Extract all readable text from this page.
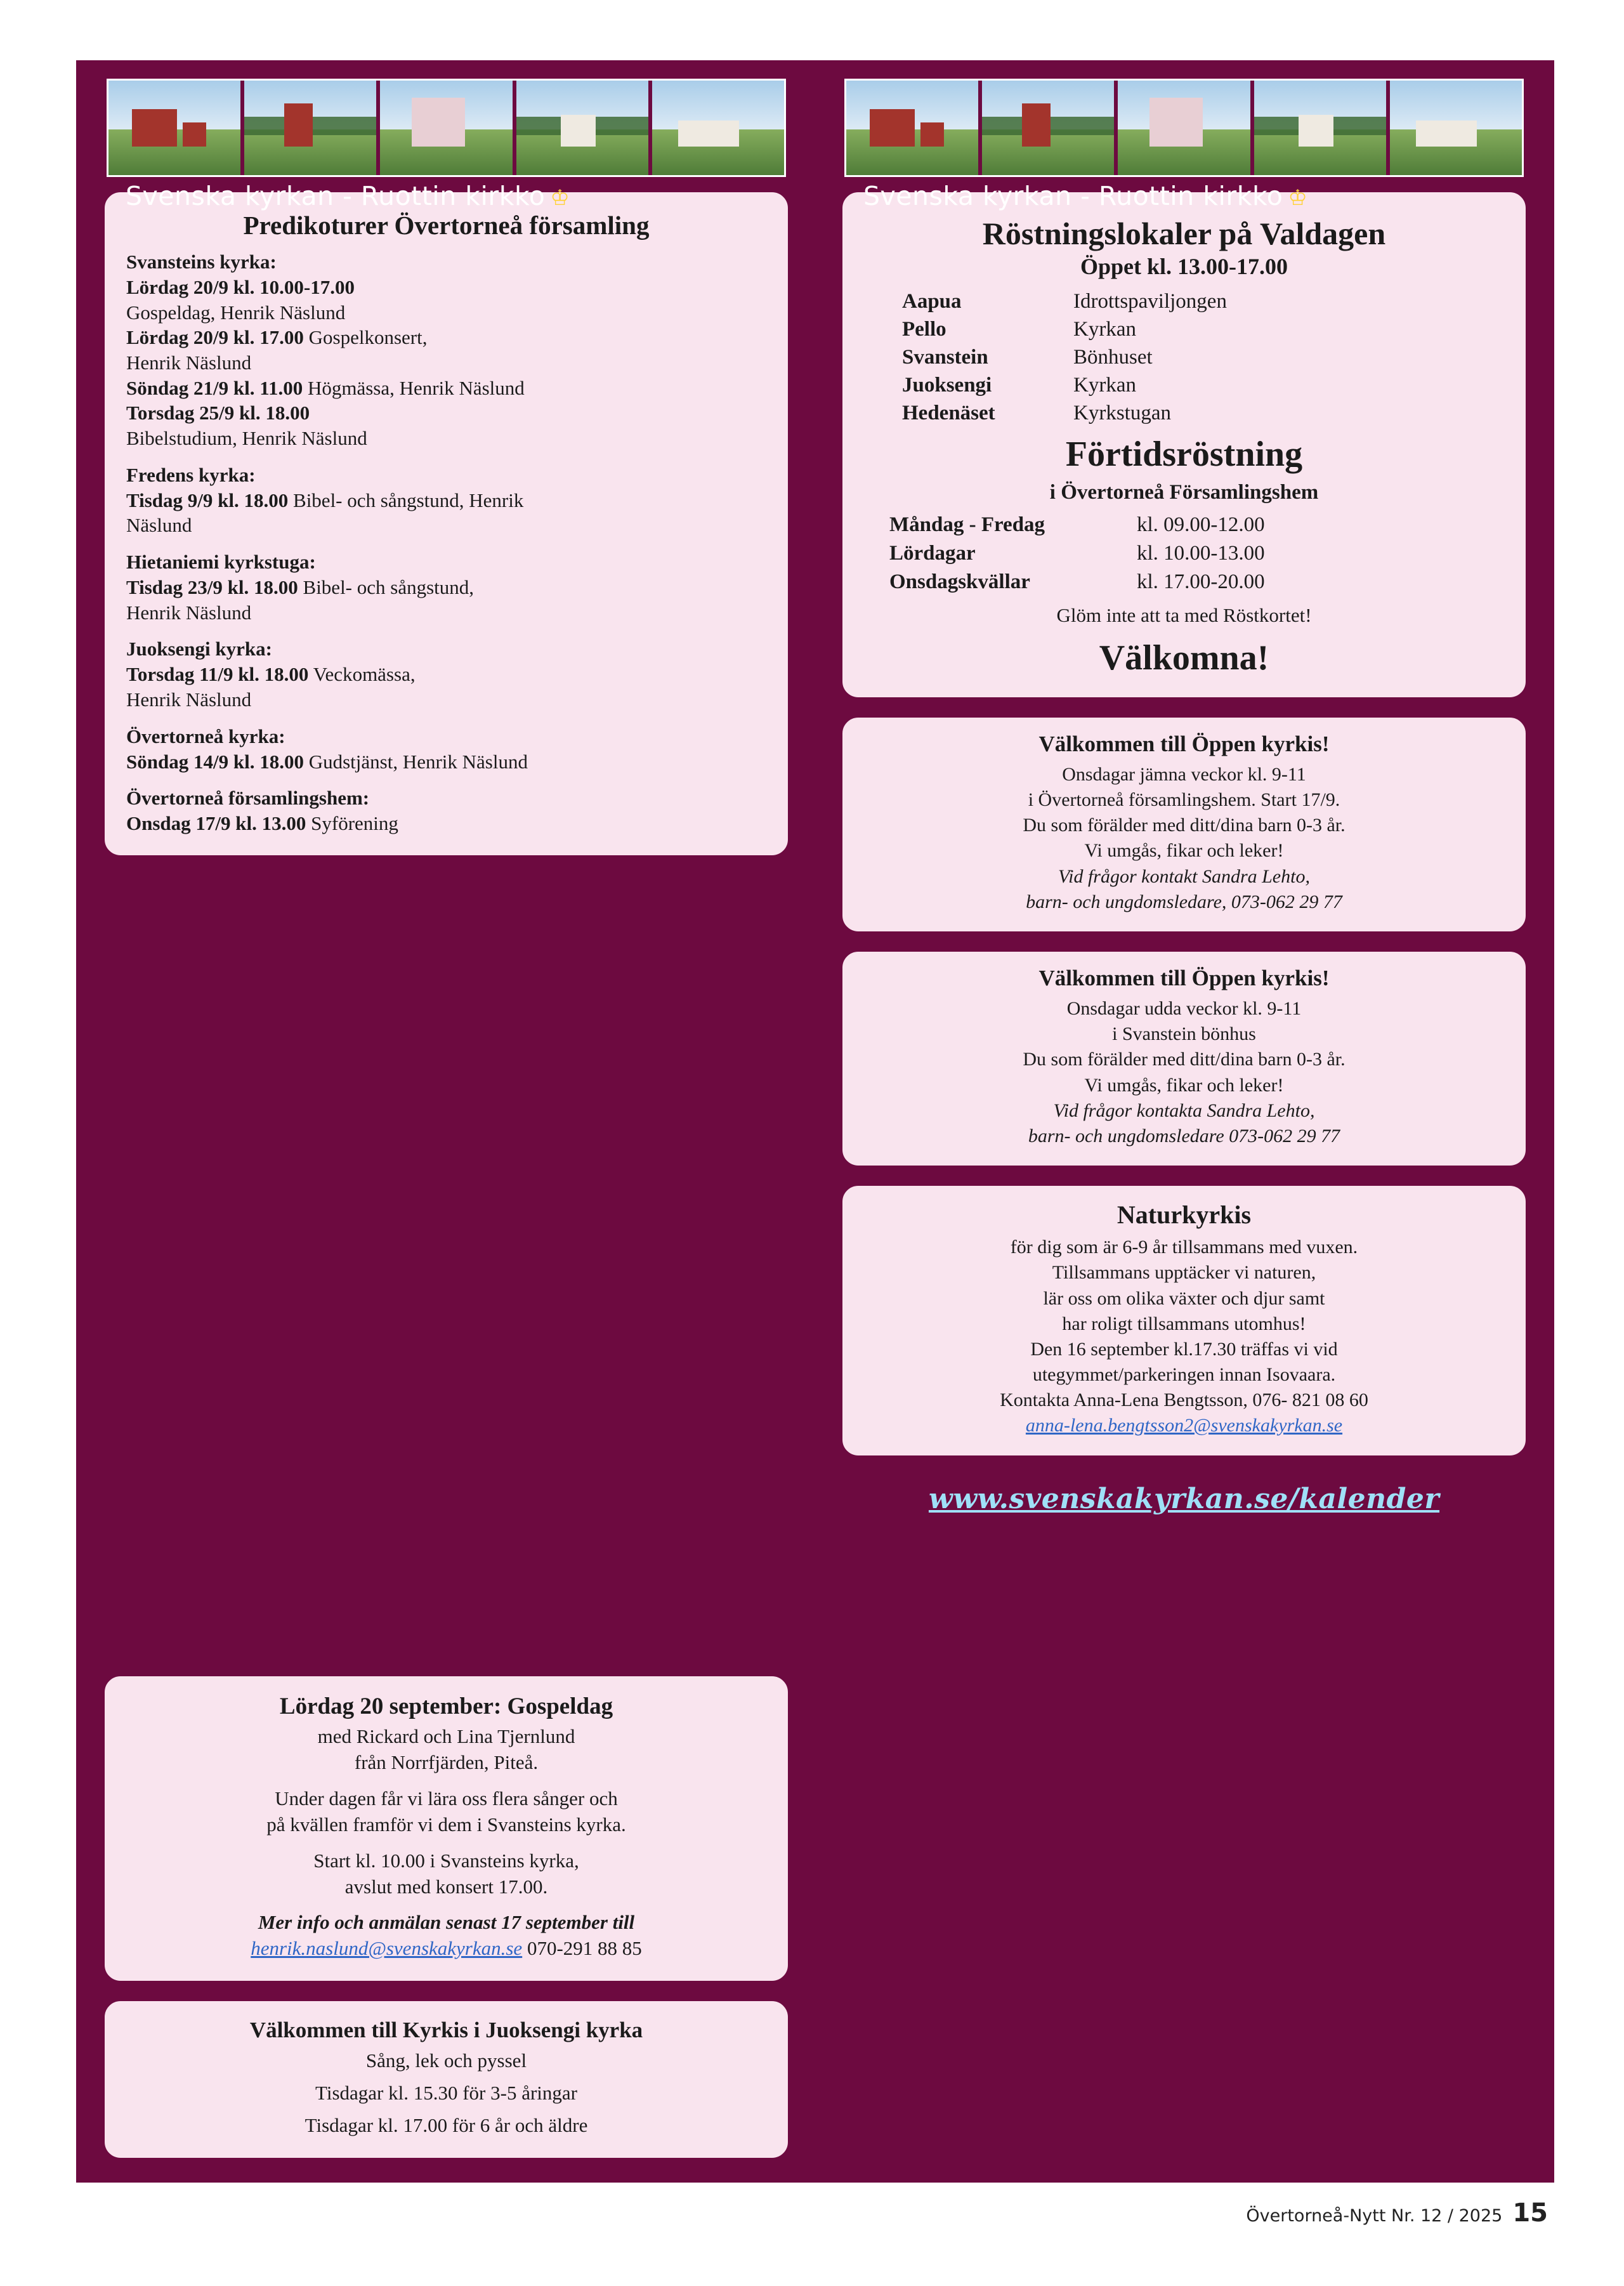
Svenska kyrkan - Ruottin kirkko ♔
Predikoturer Övertorneå församling
Svansteins kyrka:
Lördag 20/9 kl. 10.00-17.00
Gospeldag, Henrik Näslund
Lördag 20/9 kl. 17.00 Gospelkonsert,
Henrik Näslund
Söndag 21/9 kl. 11.00 Högmässa, Henrik Näslund
Torsdag 25/9 kl. 18.00
Bibelstudium, Henrik Näslund
Fredens kyrka:
Tisdag 9/9 kl. 18.00 Bibel- och sångstund, Henrik
Näslund
Hietaniemi kyrkstuga:
Tisdag 23/9 kl. 18.00 Bibel- och sångstund,
Henrik Näslund
Juoksengi kyrka:
Torsdag 11/9 kl. 18.00 Veckomässa,
Henrik Näslund
Övertorneå kyrka:
Söndag 14/9 kl. 18.00 Gudstjänst, Henrik Näslund
Övertorneå församlingshem:
Onsdag 17/9 kl. 13.00 Syförening
Lördag 20 september: Gospeldag
med Rickard och Lina Tjernlund
från Norrfjärden, Piteå.
Under dagen får vi lära oss flera sånger och
på kvällen framför vi dem i Svansteins kyrka.
Start kl. 10.00 i Svansteins kyrka,
avslut med konsert 17.00.
Mer info och anmälan senast 17 september till
henrik.naslund@svenskakyrkan.se 070-291 88 85
Välkommen till Kyrkis i Juoksengi kyrka
Sång, lek och pyssel
Tisdagar kl. 15.30 för 3-5 åringar
Tisdagar kl. 17.00 för 6 år och äldre
Svenska kyrkan - Ruottin kirkko ♔
Röstningslokaler på Valdagen
Öppet kl. 13.00-17.00
Aapua	Idrottspaviljongen
Pello	Kyrkan
Svanstein	Bönhuset
Juoksengi	Kyrkan
Hedenäset	Kyrkstugan
Förtidsröstning
i Övertorneå Församlingshem
Måndag - Fredag	kl. 09.00-12.00
Lördagar	kl. 10.00-13.00
Onsdagskvällar	kl. 17.00-20.00
Glöm inte att ta med Röstkortet!
Välkomna!
Välkommen till Öppen kyrkis!
Onsdagar jämna veckor kl. 9-11
i Övertorneå församlingshem. Start 17/9.
Du som förälder med ditt/dina barn 0-3 år.
Vi umgås, fikar och leker!
Vid frågor kontakt Sandra Lehto,
barn- och ungdomsledare, 073-062 29 77
Välkommen till Öppen kyrkis!
Onsdagar udda veckor kl. 9-11
i Svanstein bönhus
Du som förälder med ditt/dina barn 0-3 år.
Vi umgås, fikar och leker!
Vid frågor kontakta Sandra Lehto,
barn- och ungdomsledare 073-062 29 77
Naturkyrkis
för dig som är 6-9 år tillsammans med vuxen.
Tillsammans upptäcker vi naturen,
lär oss om olika växter och djur samt
har roligt tillsammans utomhus!
Den 16 september kl.17.30 träffas vi vid
utegymmet/parkeringen innan Isovaara.
Kontakta Anna-Lena Bengtsson, 076- 821 08 60
anna-lena.bengtsson2@svenskakyrkan.se
www.svenskakyrkan.se/kalender
Övertorneå-Nytt Nr. 12 / 2025 15
